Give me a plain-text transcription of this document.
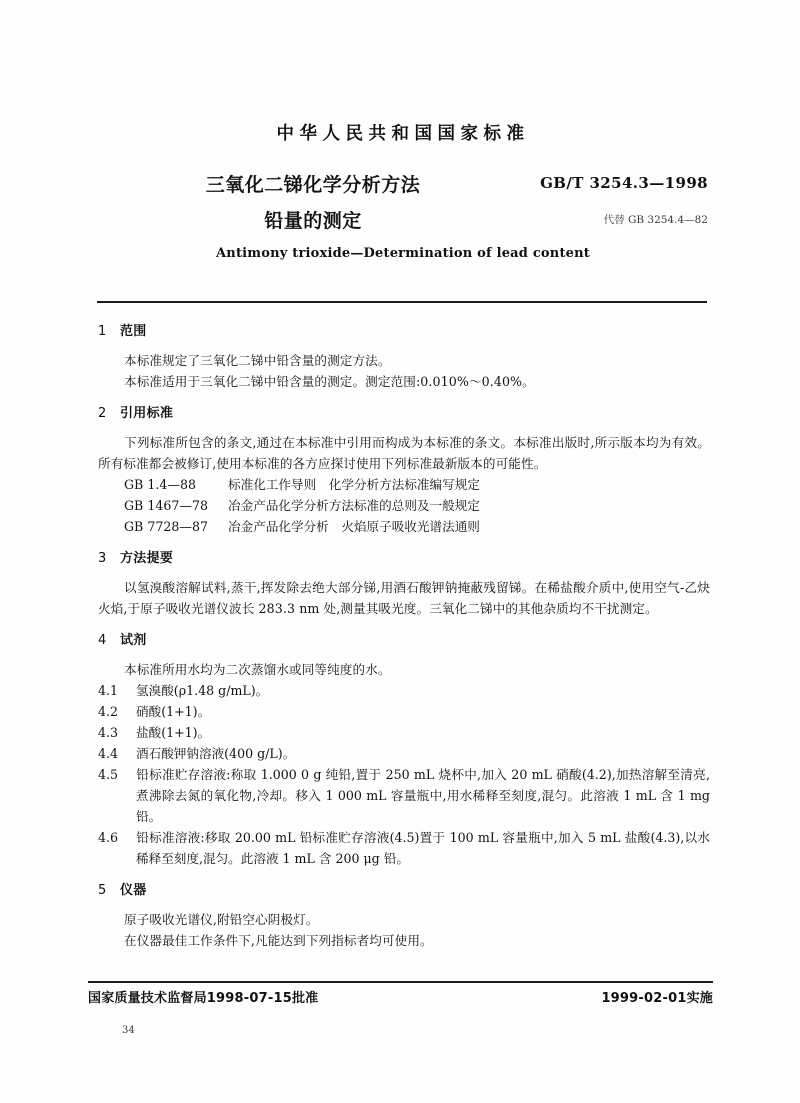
中华人民共和国国家标准
三氧化二锑化学分析方法
铅量的测定
GB/T 3254.3—1998
代替 GB 3254.4—82
Antimony trioxide—Determination of lead content
1 范围

本标准规定了三氧化二锑中铅含量的测定方法。

本标准适用于三氧化二锑中铅含量的测定。测定范围:0.010%～0.40%。

2 引用标准

下列标准所包含的条文,通过在本标准中引用而构成为本标准的条文。本标准出版时,所示版本均为有效。所有标准都会被修订,使用本标准的各方应探讨使用下列标准最新版本的可能性。

GB 1.4—88	标准化工作导则　化学分析方法标准编写规定
GB 1467—78 冶金产品化学分析方法标准的总则及一般规定
GB 7728—87 冶金产品化学分析　火焰原子吸收光谱法通则
3 方法提要

以氢溴酸溶解试料,蒸干,挥发除去绝大部分锑,用酒石酸钾钠掩蔽残留锑。在稀盐酸介质中,使用空气-乙炔火焰,于原子吸收光谱仪波长 283.3 nm 处,测量其吸光度。三氧化二锑中的其他杂质均不干扰测定。

4 试剂

本标准所用水均为二次蒸馏水或同等纯度的水。

4.1 氢溴酸(ρ1.48 g/mL)。
4.2 硝酸(1+1)。
4.3 盐酸(1+1)。
4.4 酒石酸钾钠溶液(400 g/L)。
4.5 铅标准贮存溶液:称取 1.000 0 g 纯铅,置于 250 mL 烧杯中,加入 20 mL 硝酸(4.2),加热溶解至清亮,煮沸除去氮的氧化物,冷却。移入 1 000 mL 容量瓶中,用水稀释至刻度,混匀。此溶液 1 mL 含 1 mg 铅。
4.6 铅标准溶液:移取 20.00 mL 铅标准贮存溶液(4.5)置于 100 mL 容量瓶中,加入 5 mL 盐酸(4.3),以水稀释至刻度,混匀。此溶液 1 mL 含 200 μg 铅。
5 仪器

原子吸收光谱仪,附铅空心阴极灯。

在仪器最佳工作条件下,凡能达到下列指标者均可使用。

国家质量技术监督局1998-07-15批准	1999-02-01实施
34
